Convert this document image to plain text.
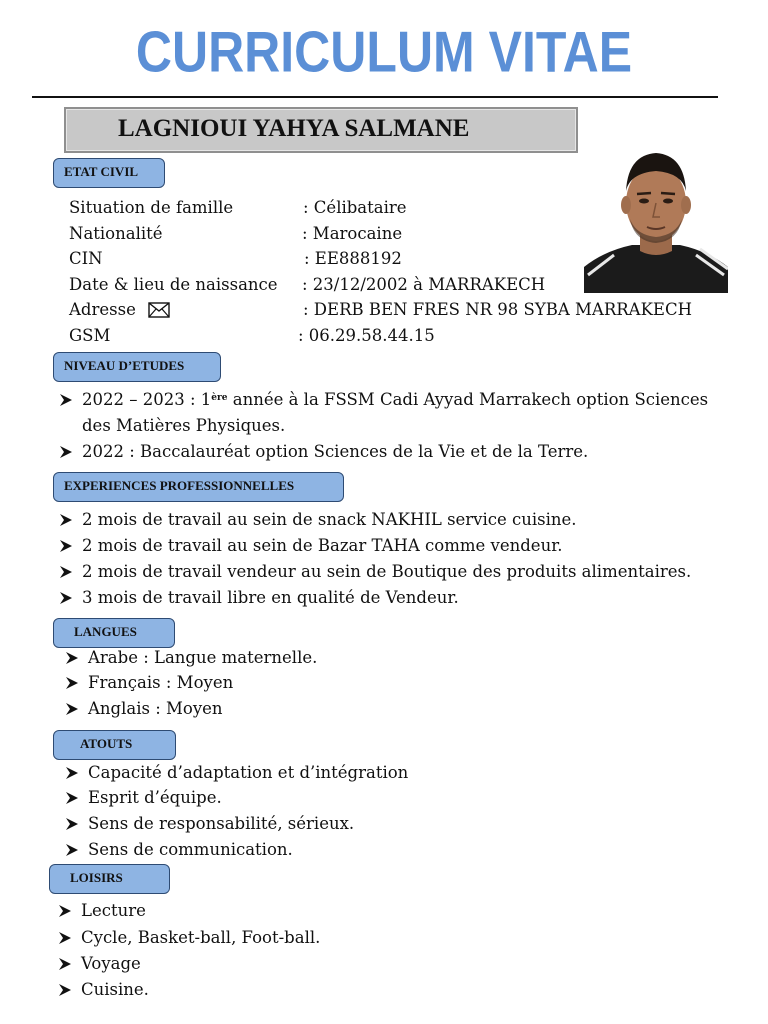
CURRICULUM VITAE
LAGNIOUI YAHYA SALMANE
ETAT CIVIL
Situation de famille	: Célibataire
Nationalité	: Marocaine
CIN	: EE888192
Date & lieu de naissance : 23/12/2002 à MARRAKECH
Adresse	: DERB BEN FRES NR 98 SYBA MARRAKECH
GSM	: 06.29.58.44.15
NIVEAU D’ETUDES
2022 – 2023 : 1ère année à la FSSM Cadi Ayyad Marrakech option Sciences
des Matières Physiques.
2022 : Baccalauréat option Sciences de la Vie et de la Terre.
EXPERIENCES PROFESSIONNELLES
2 mois de travail au sein de snack NAKHIL service cuisine.
2 mois de travail au sein de Bazar TAHA comme vendeur.
2 mois de travail vendeur au sein de Boutique des produits alimentaires.
3 mois de travail libre en qualité de Vendeur.
LANGUES
Arabe : Langue maternelle.
Français : Moyen
Anglais : Moyen
ATOUTS
Capacité d’adaptation et d’intégration
Esprit d’équipe.
Sens de responsabilité, sérieux.
Sens de communication.
LOISIRS
Lecture
Cycle, Basket-ball, Foot-ball.
Voyage
Cuisine.
